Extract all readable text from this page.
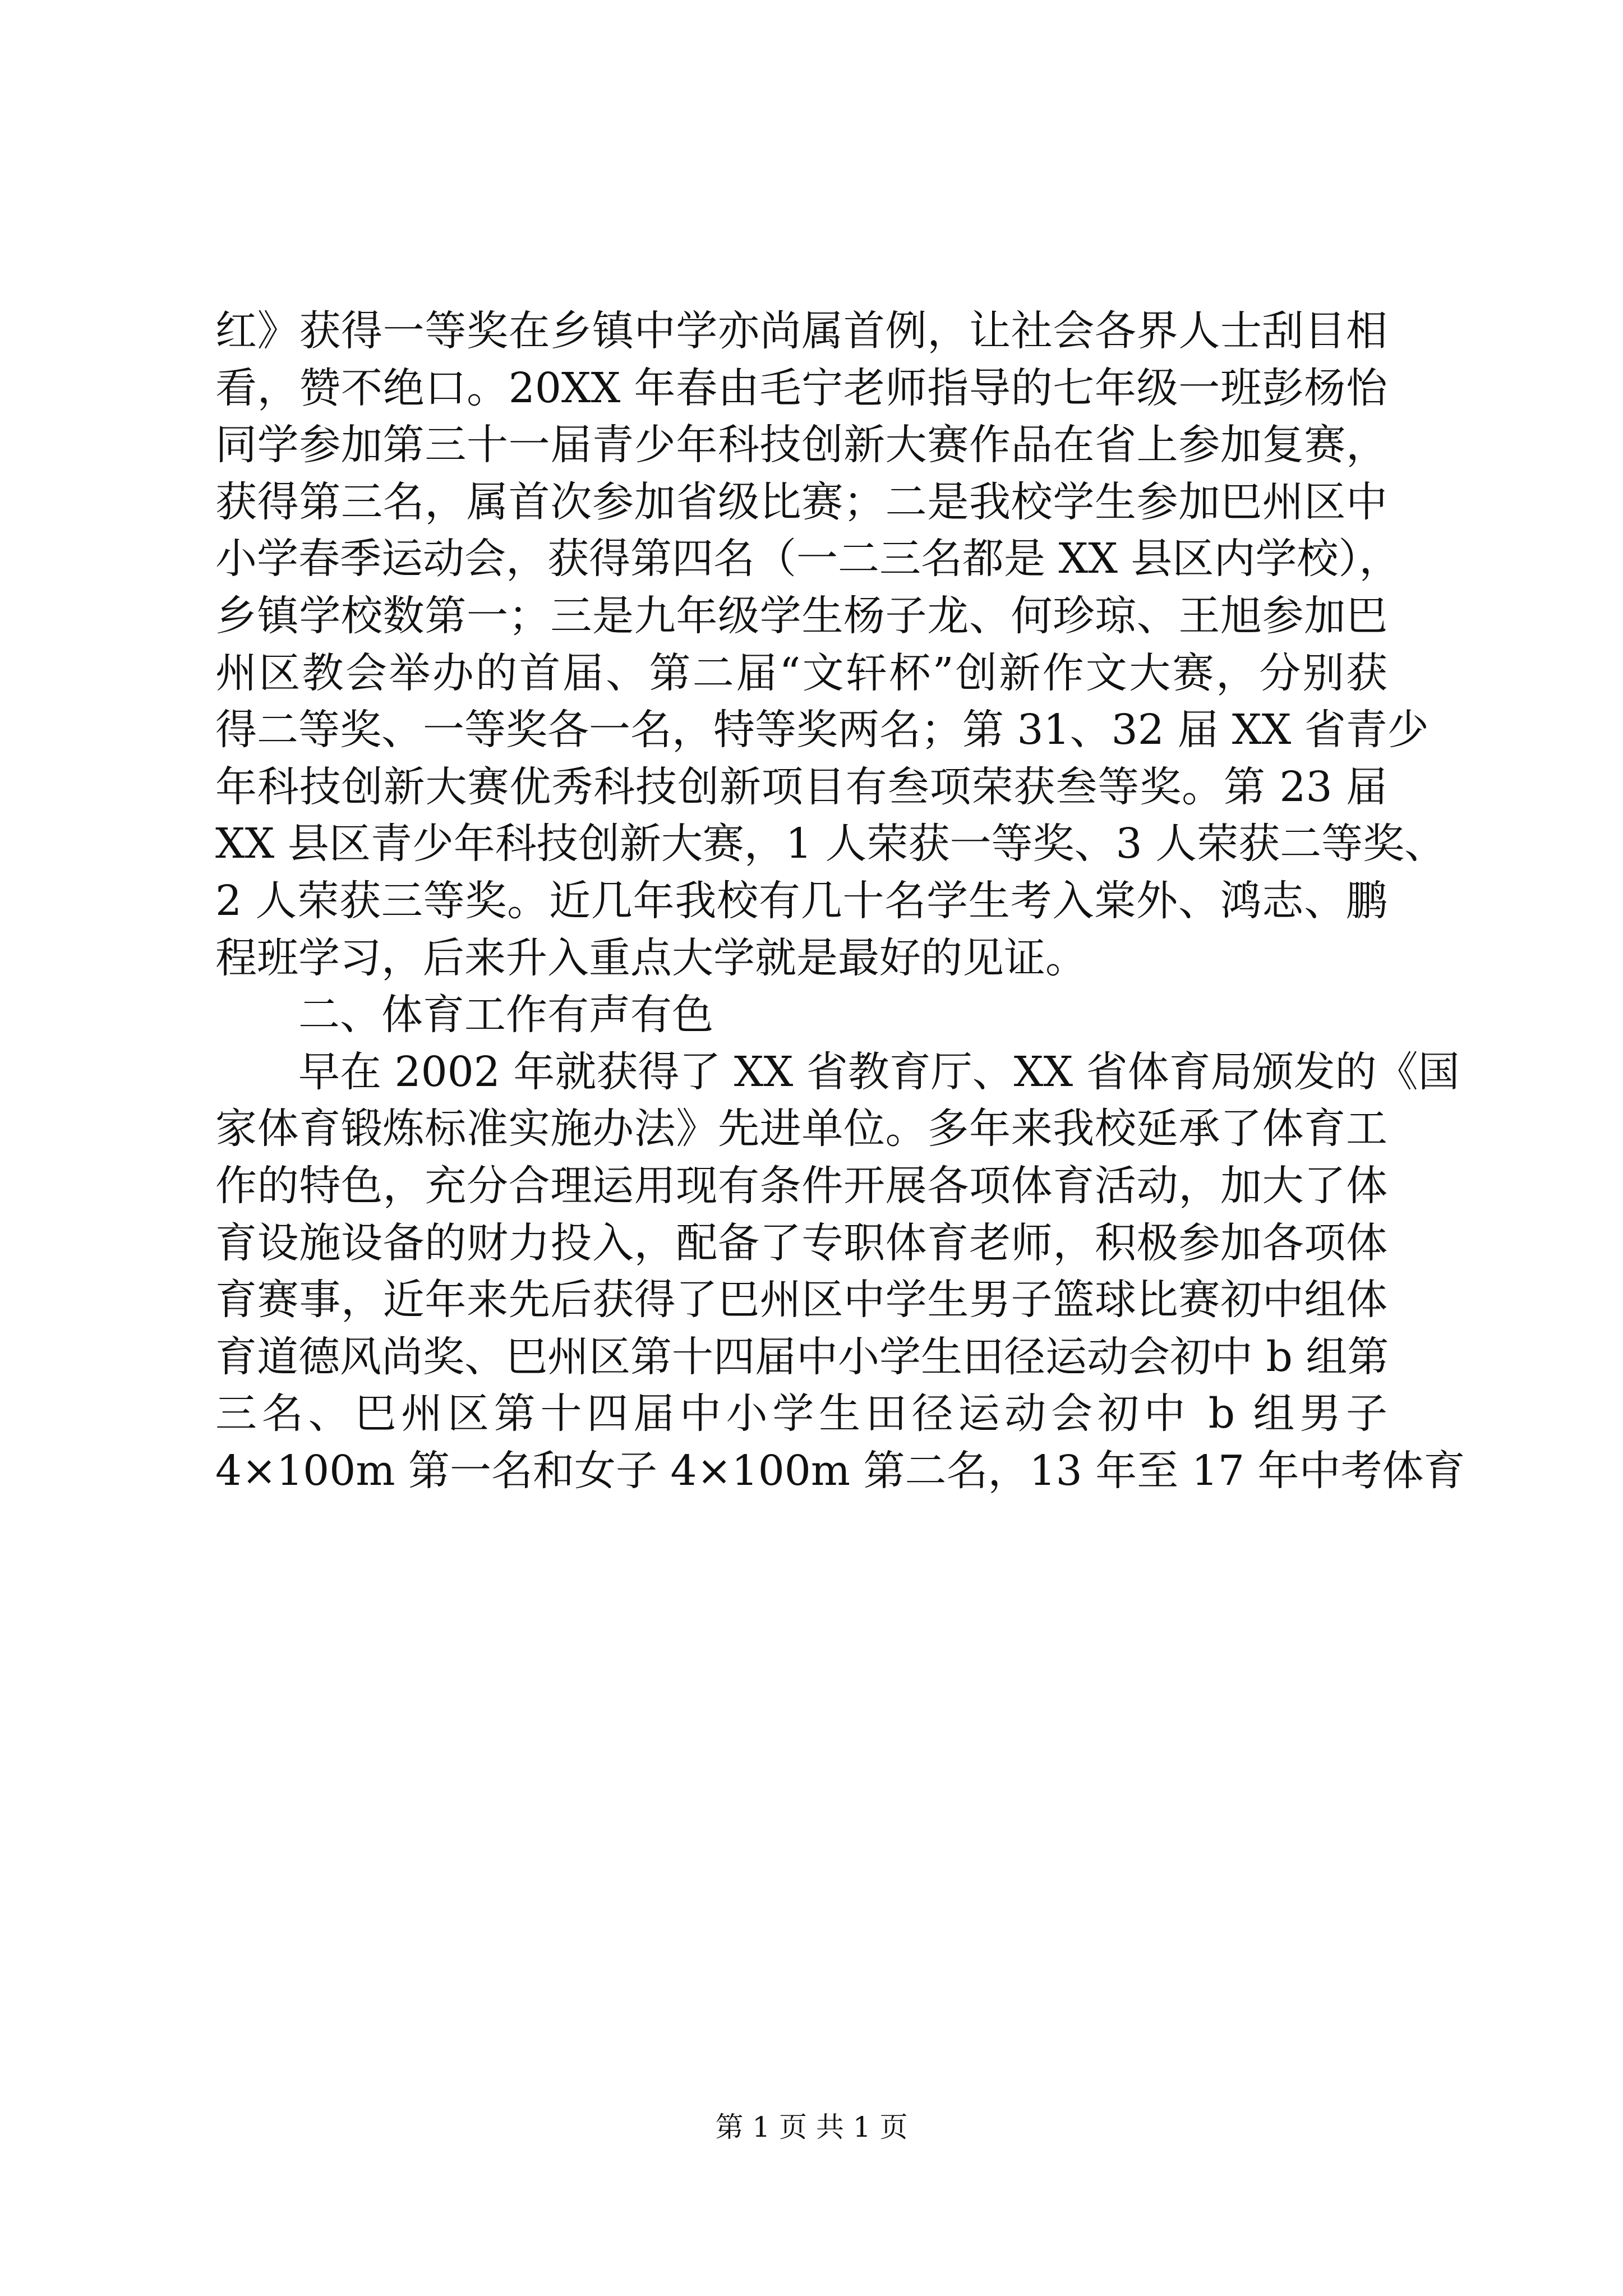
红》获得一等奖在乡镇中学亦尚属首例，让社会各界人士刮目相
看，赞不绝口。20XX 年春由毛宁老师指导的七年级一班彭杨怡
同学参加第三十一届青少年科技创新大赛作品在省上参加复赛，
获得第三名，属首次参加省级比赛；二是我校学生参加巴州区中
小学春季运动会，获得第四名（一二三名都是 XX 县区内学校），
乡镇学校数第一；三是九年级学生杨子龙、何珍琼、王旭参加巴
州区教会举办的首届、第二届“文轩杯”创新作文大赛，分别获
得二等奖、一等奖各一名，特等奖两名；第 31、32 届 XX 省青少
年科技创新大赛优秀科技创新项目有叁项荣获叁等奖。第 23 届
XX 县区青少年科技创新大赛，1 人荣获一等奖、3 人荣获二等奖、
2 人荣获三等奖。近几年我校有几十名学生考入棠外、鸿志、鹏
程班学习，后来升入重点大学就是最好的见证。
二、体育工作有声有色
早在 2002 年就获得了 XX 省教育厅、XX 省体育局颁发的《国
家体育锻炼标准实施办法》先进单位。多年来我校延承了体育工
作的特色，充分合理运用现有条件开展各项体育活动，加大了体
育设施设备的财力投入，配备了专职体育老师，积极参加各项体
育赛事，近年来先后获得了巴州区中学生男子篮球比赛初中组体
育道德风尚奖、巴州区第十四届中小学生田径运动会初中 b 组第
三名、巴州区第十四届中小学生田径运动会初中 b 组男子
4×100m 第一名和女子 4×100m 第二名，13 年至 17 年中考体育
第 1 页 共 1 页
